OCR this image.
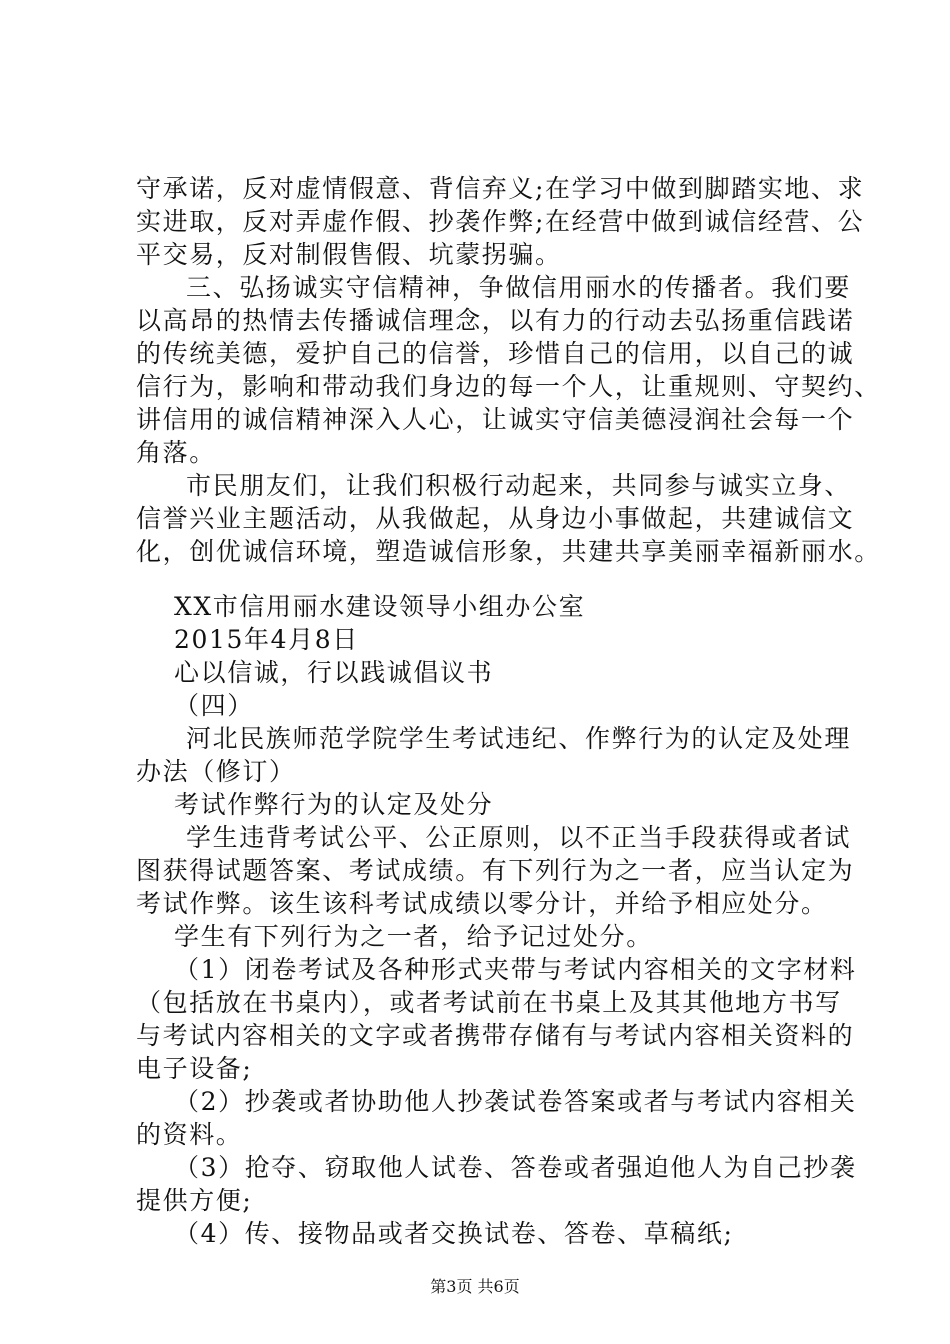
守承诺，反对虚情假意、背信弃义;在学习中做到脚踏实地、求
实进取，反对弄虚作假、抄袭作弊;在经营中做到诚信经营、公
平交易，反对制假售假、坑蒙拐骗。
三、弘扬诚实守信精神，争做信用丽水的传播者。我们要
以高昂的热情去传播诚信理念，以有力的行动去弘扬重信践诺
的传统美德，爱护自己的信誉，珍惜自己的信用，以自己的诚
信行为，影响和带动我们身边的每一个人，让重规则、守契约、
讲信用的诚信精神深入人心，让诚实守信美德浸润社会每一个
角落。
市民朋友们，让我们积极行动起来，共同参与诚实立身、
信誉兴业主题活动，从我做起，从身边小事做起，共建诚信文
化，创优诚信环境，塑造诚信形象，共建共享美丽幸福新丽水。
XX市信用丽水建设领导小组办公室
2015年4月8日
心以信诚，行以践诚倡议书
（四）
河北民族师范学院学生考试违纪、作弊行为的认定及处理
办法（修订）
考试作弊行为的认定及处分
学生违背考试公平、公正原则，以不正当手段获得或者试
图获得试题答案、考试成绩。有下列行为之一者，应当认定为
考试作弊。该生该科考试成绩以零分计，并给予相应处分。
学生有下列行为之一者，给予记过处分。
（1）闭卷考试及各种形式夹带与考试内容相关的文字材料
（包括放在书桌内），或者考试前在书桌上及其其他地方书写
与考试内容相关的文字或者携带存储有与考试内容相关资料的
电子设备;
（2）抄袭或者协助他人抄袭试卷答案或者与考试内容相关
的资料。
（3）抢夺、窃取他人试卷、答卷或者强迫他人为自己抄袭
提供方便;
（4）传、接物品或者交换试卷、答卷、草稿纸;
第3页 共6页
